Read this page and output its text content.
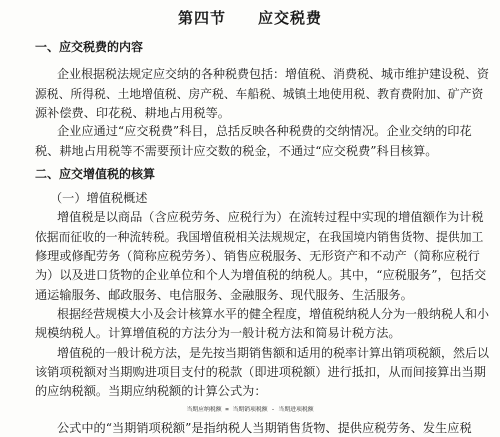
第四节　　应交税费
一、应交税费的内容
企业根据税法规定应交纳的各种税费包括：增值税、消费税、城市维护建设税、资
源税、所得税、土地增值税、房产税、车船税、城镇土地使用税、教育费附加、矿产资
源补偿费、印花税、耕地占用税等。
企业应通过“应交税费”科目，总括反映各种税费的交纳情况。企业交纳的印花
税、耕地占用税等不需要预计应交数的税金，不通过“应交税费”科目核算。
二、应交增值税的核算
（一）增值税概述
增值税是以商品（含应税劳务、应税行为）在流转过程中实现的增值额作为计税
依据而征收的一种流转税。我国增值税相关法规规定，在我国境内销售货物、提供加工
修理或修配劳务（简称应税劳务）、销售应税服务、无形资产和不动产（简称应税行
为）以及进口货物的企业单位和个人为增值税的纳税人。其中，“应税服务”，包括交
通运输服务、邮政服务、电信服务、金融服务、现代服务、生活服务。
根据经营规模大小及会计核算水平的健全程度，增值税纳税人分为一般纳税人和小
规模纳税人。计算增值税的方法分为一般计税方法和简易计税方法。
增值税的一般计税方法，是先按当期销售额和适用的税率计算出销项税额，然后以
该销项税额对当期购进项目支付的税款（即进项税额）进行抵扣，从而间接算出当期
的应纳税额。当期应纳税额的计算公式为：
当期应纳税额 = 当期销项税额 - 当期进项税额
公式中的“当期销项税额”是指纳税人当期销售货物、提供应税劳务、发生应税
